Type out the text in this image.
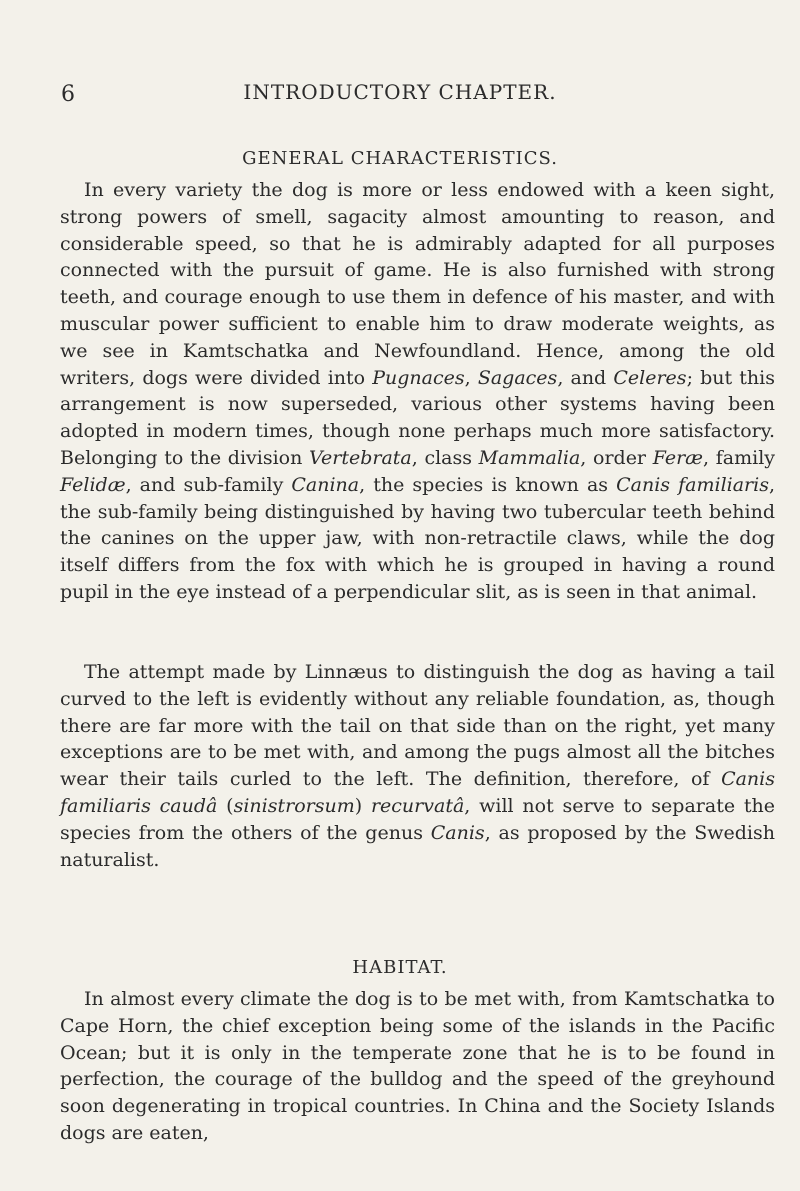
6	INTRODUCTORY CHAPTER.
GENERAL CHARACTERISTICS.

In every variety the dog is more or less endowed with a keen sight, strong powers of smell, sagacity almost amounting to reason, and considerable speed, so that he is admirably adapted for all purposes connected with the pursuit of game. He is also furnished with strong teeth, and courage enough to use them in defence of his master, and with muscular power sufficient to enable him to draw moderate weights, as we see in Kamtschatka and Newfoundland. Hence, among the old writers, dogs were divided into Pugnaces, Sagaces, and Celeres; but this arrangement is now superseded, various other systems having been adopted in modern times, though none perhaps much more satisfactory. Belonging to the division Vertebrata, class Mammalia, order Feræ, family Felidæ, and sub-family Canina, the species is known as Canis familiaris, the sub-family being distinguished by having two tubercular teeth behind the canines on the upper jaw, with non-retractile claws, while the dog itself differs from the fox with which he is grouped in having a round pupil in the eye instead of a perpendicular slit, as is seen in that animal.

The attempt made by Linnæus to distinguish the dog as having a tail curved to the left is evidently without any reliable foundation, as, though there are far more with the tail on that side than on the right, yet many exceptions are to be met with, and among the pugs almost all the bitches wear their tails curled to the left. The definition, therefore, of Canis familiaris caudâ (sinistrorsum) recurvatâ, will not serve to separate the species from the others of the genus Canis, as proposed by the Swedish naturalist.

HABITAT.

In almost every climate the dog is to be met with, from Kamtschatka to Cape Horn, the chief exception being some of the islands in the Pacific Ocean; but it is only in the temperate zone that he is to be found in perfection, the courage of the bulldog and the speed of the greyhound soon degenerating in tropical countries. In China and the Society Islands dogs are eaten,
